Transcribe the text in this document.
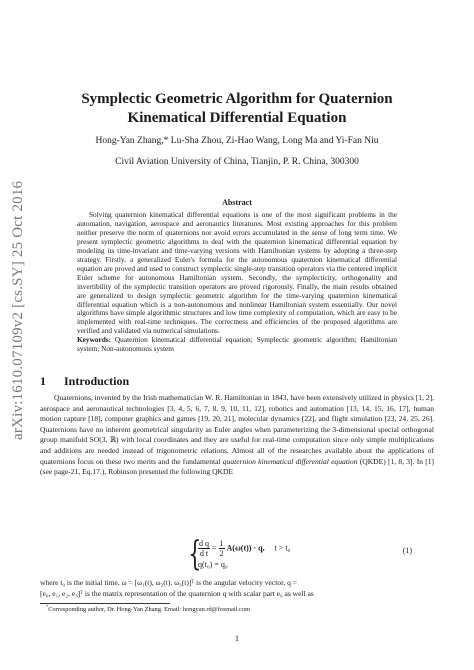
arXiv:1610.07109v2 [cs.SY] 25 Oct 2016
Symplectic Geometric Algorithm for Quaternion
Kinematical Differential Equation
Hong-Yan Zhang,* Lu-Sha Zhou, Zi-Hao Wang, Long Ma and Yi-Fan Niu
Civil Aviation University of China, Tianjin, P. R. China, 300300
Abstract

Solving quaternion kinematical differential equations is one of the most significant problems in the automation, navigation, aerospace and aeronautics literatures. Most existing approaches for this problem neither preserve the norm of quaternions nor avoid errors accumulated in the sense of long term time. We present symplectic geometric algorithms to deal with the quaternion kinematical differential equation by modeling its time-invariant and time-varying versions with Hamiltonian systems by adopting a three-step strategy. Firstly, a generalized Euler's formula for the autonomous quaternion kinematical differential equation are proved and used to construct symplectic single-step transition operators via the centered implicit Euler scheme for autonomous Hamiltonian system. Secondly, the symplecticity, orthogonality and invertibility of the symplectic transition operators are proved rigorously. Finally, the main results obtained are generalized to design symplectic geometric algorithm for the time-varying quaternion kinematical differential equation which is a non-autonomous and nonlinear Hamiltonian system essentially. Our novel algorithms have simple algorithmic structures and low time complexity of computation, which are easy to be implemented with real-time techniques. The correctness and efficiencies of the proposed algorithms are verified and validated via numerical simulations.

Keywords: Quaternion kinematical differential equation; Symplectic geometric algorithm; Hamiltonian system; Non-autonomous system
1 Introduction

Quaternions, invented by the Irish mathematician W. R. Hamiltonian in 1843, have been extensively utilized in physics [1, 2], aerospace and aeronautical technologies [3, 4, 5, 6, 7, 8, 9, 10, 11, 12], robotics and automation [13, 14, 15, 16, 17], human motion capture [18], computer graphics and games [19, 20, 21], molecular dynamics [22], and flight simulation [23, 24, 25, 26]. Quaternions have no inherent geometrical singularity as Euler angles when parameterizing the 3-dimensional special orthogonal group manifold SO(3, ℝ) with local coordinates and they are useful for real-time computation since only simple multiplications and additions are needed instead of trigonometric relations. Almost all of the researches available about the applications of quaternions focus on these two merits and the fundamental quaternion kinematical differential equation (QKDE) [1, 8, 3]. In [1] (see page-21, Eq.17.), Robinson presented the following QKDE

{
$\frac{\text{d q}}{\text{d t}} = \frac{1}{2} A(\omega(t)) \cdot q$, t > t₀
q(t₀) = q₀
(1)

where t₀ is the initial time, ω = [ω₁(t), ω₂(t), ω₃(t)]ᵀ is the angular velocity vector, q =

[e₀, e₁, e₂, e₃]ᵀ is the matrix representation of the quaternion q with scalar part e₀ as well as

*Corresponding author, Dr. Hong-Yan Zhang. Email: hongyan.rd@foxmail.com
1
